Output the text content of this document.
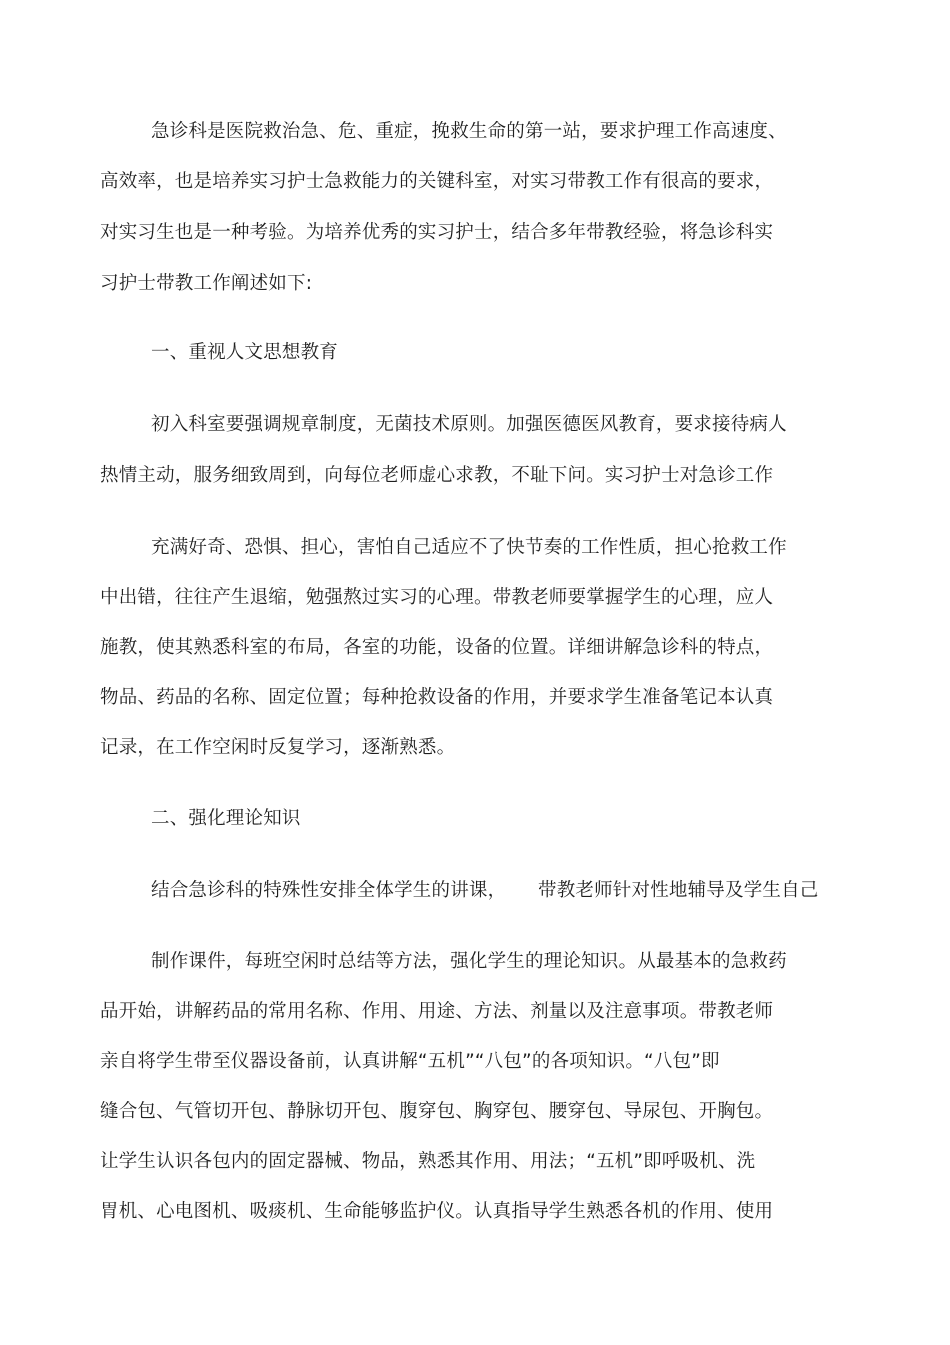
急诊科是医院救治急、危、重症，挽救生命的第一站，要求护理工作高速度、
高效率，也是培养实习护士急救能力的关键科室，对实习带教工作有很高的要求，
对实习生也是一种考验。为培养优秀的实习护士，结合多年带教经验，将急诊科实
习护士带教工作阐述如下:
一、重视人文思想教育
初入科室要强调规章制度，无菌技术原则。加强医德医风教育，要求接待病人
热情主动，服务细致周到，向每位老师虚心求教，不耻下问。实习护士对急诊工作
充满好奇、恐惧、担心，害怕自己适应不了快节奏的工作性质，担心抢救工作
中出错，往往产生退缩，勉强熬过实习的心理。带教老师要掌握学生的心理，应人
施教，使其熟悉科室的布局，各室的功能，设备的位置。详细讲解急诊科的特点，
物品、药品的名称、固定位置；每种抢救设备的作用，并要求学生准备笔记本认真
记录，在工作空闲时反复学习，逐渐熟悉。
二、强化理论知识
结合急诊科的特殊性安排全体学生的讲课， 带教老师针对性地辅导及学生自己
制作课件，每班空闲时总结等方法，强化学生的理论知识。从最基本的急救药
品开始，讲解药品的常用名称、作用、用途、方法、剂量以及注意事项。带教老师
亲自将学生带至仪器设备前，认真讲解“五机”“八包”的各项知识。“八包”即
缝合包、气管切开包、静脉切开包、腹穿包、胸穿包、腰穿包、导尿包、开胸包。
让学生认识各包内的固定器械、物品，熟悉其作用、用法；“五机”即呼吸机、洗
胃机、心电图机、吸痰机、生命能够监护仪。认真指导学生熟悉各机的作用、使用
